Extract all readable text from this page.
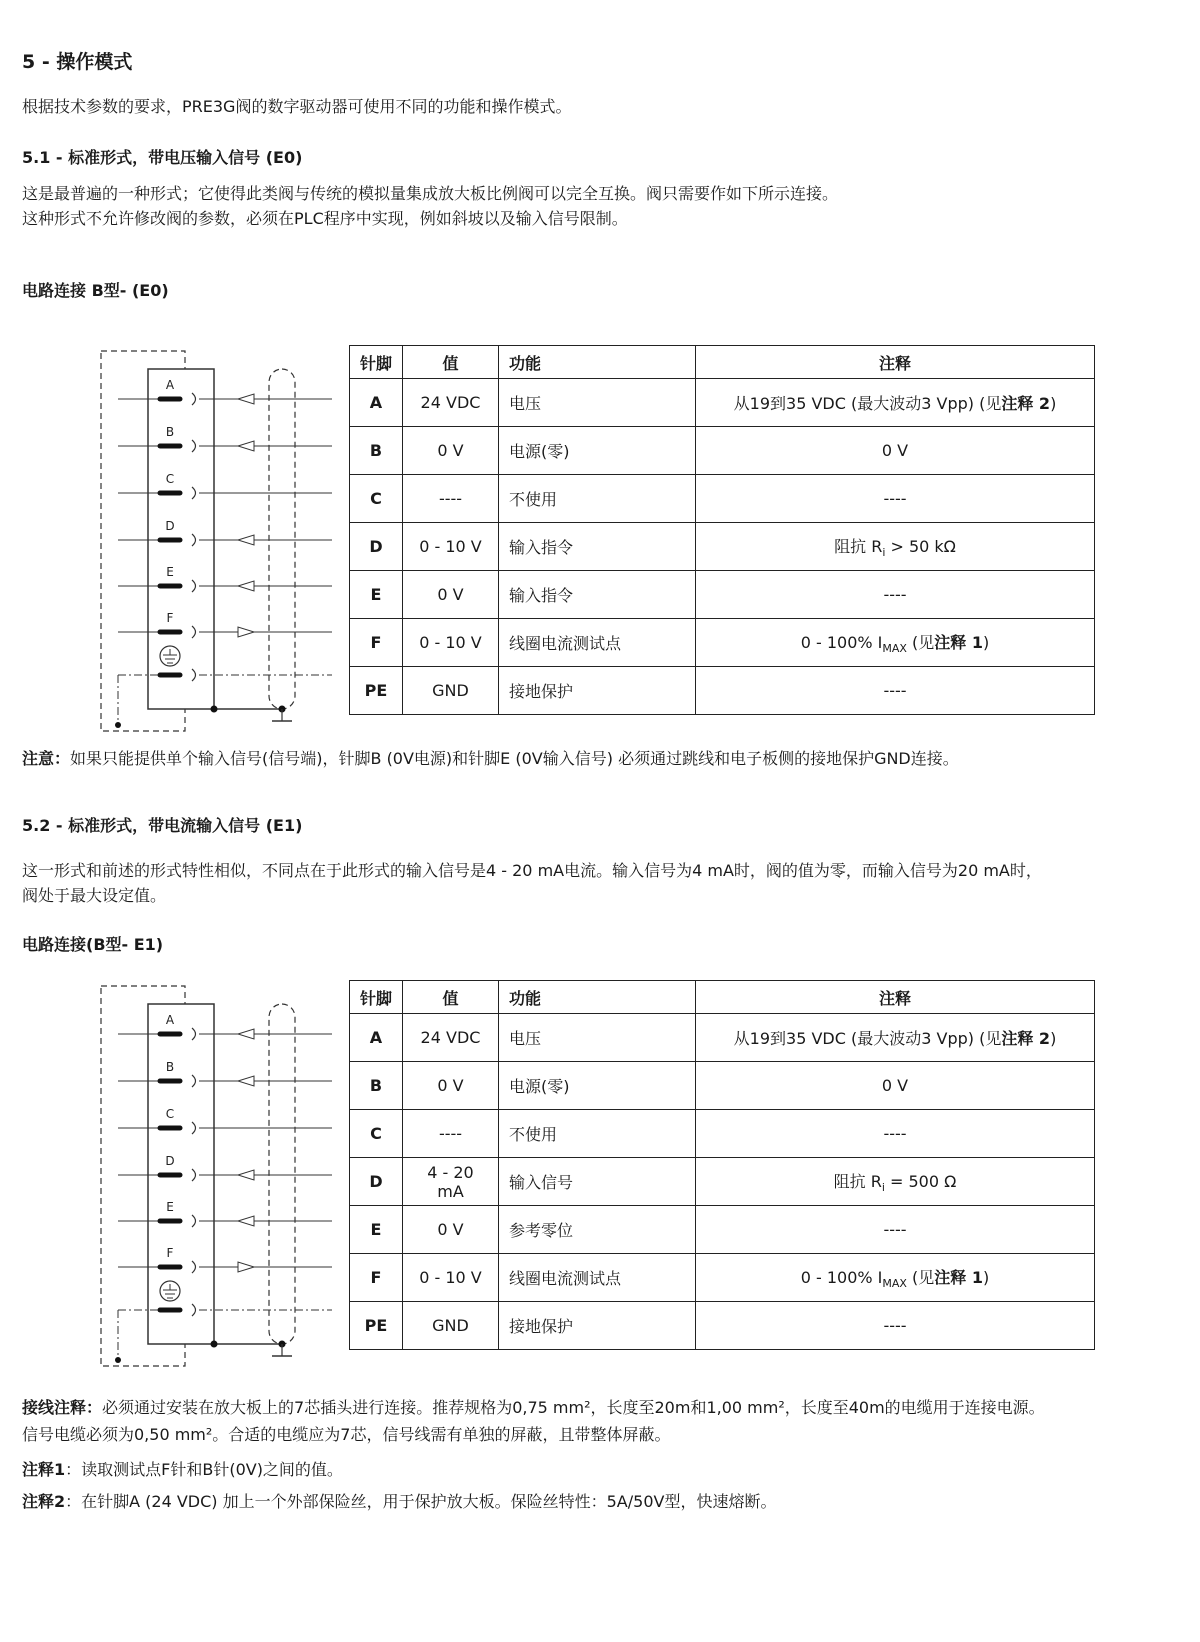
5 - 操作模式
根据技术参数的要求，PRE3G阀的数字驱动器可使用不同的功能和操作模式。
5.1 - 标准形式，带电压输入信号 (E0)
这是最普遍的一种形式；它使得此类阀与传统的模拟量集成放大板比例阀可以完全互换。阀只需要作如下所示连接。
这种形式不允许修改阀的参数，必须在PLC程序中实现，例如斜坡以及输入信号限制。
电路连接 B型- (E0)
A
B
C
D
E
F
针脚	值	功能	注释
A	24 VDC	电压	从19到35 VDC (最大波动3 Vpp) (见注释 2)
B	0 V	电源(零)	0 V
C	----	不使用	----
D	0 - 10 V	输入指令	阻抗 $R_i > 50$ kΩ
E	0 V	输入指令	----
F	0 - 10 V	线圈电流测试点	0 - 100% $I_{MAX}$ (见注释 1)
PE	GND	接地保护	----
注意：如果只能提供单个输入信号(信号端)，针脚B (0V电源)和针脚E (0V输入信号) 必须通过跳线和电子板侧的接地保护GND连接。
5.2 - 标准形式，带电流输入信号 (E1)
这一形式和前述的形式特性相似，不同点在于此形式的输入信号是4 - 20 mA电流。输入信号为4 mA时，阀的值为零，而输入信号为20 mA时，
阀处于最大设定值。
电路连接(B型- E1)
A
B
C
D
E
F
针脚	值	功能	注释
A	24 VDC	电压	从19到35 VDC (最大波动3 Vpp) (见注释 2)
B	0 V	电源(零)	0 V
C	----	不使用	----
D	4 - 20 mA	输入信号	阻抗 $R_i = 500$ Ω
E	0 V	参考零位	----
F	0 - 10 V	线圈电流测试点	0 - 100% $I_{MAX}$ (见注释 1)
PE	GND	接地保护	----
接线注释：必须通过安装在放大板上的7芯插头进行连接。推荐规格为0,75 mm²，长度至20m和1,00 mm²，长度至40m的电缆用于连接电源。
信号电缆必须为0,50 mm²。合适的电缆应为7芯，信号线需有单独的屏蔽，且带整体屏蔽。
注释1：读取测试点F针和B针(0V)之间的值。
注释2：在针脚A (24 VDC) 加上一个外部保险丝，用于保护放大板。保险丝特性：5A/50V型，快速熔断。
